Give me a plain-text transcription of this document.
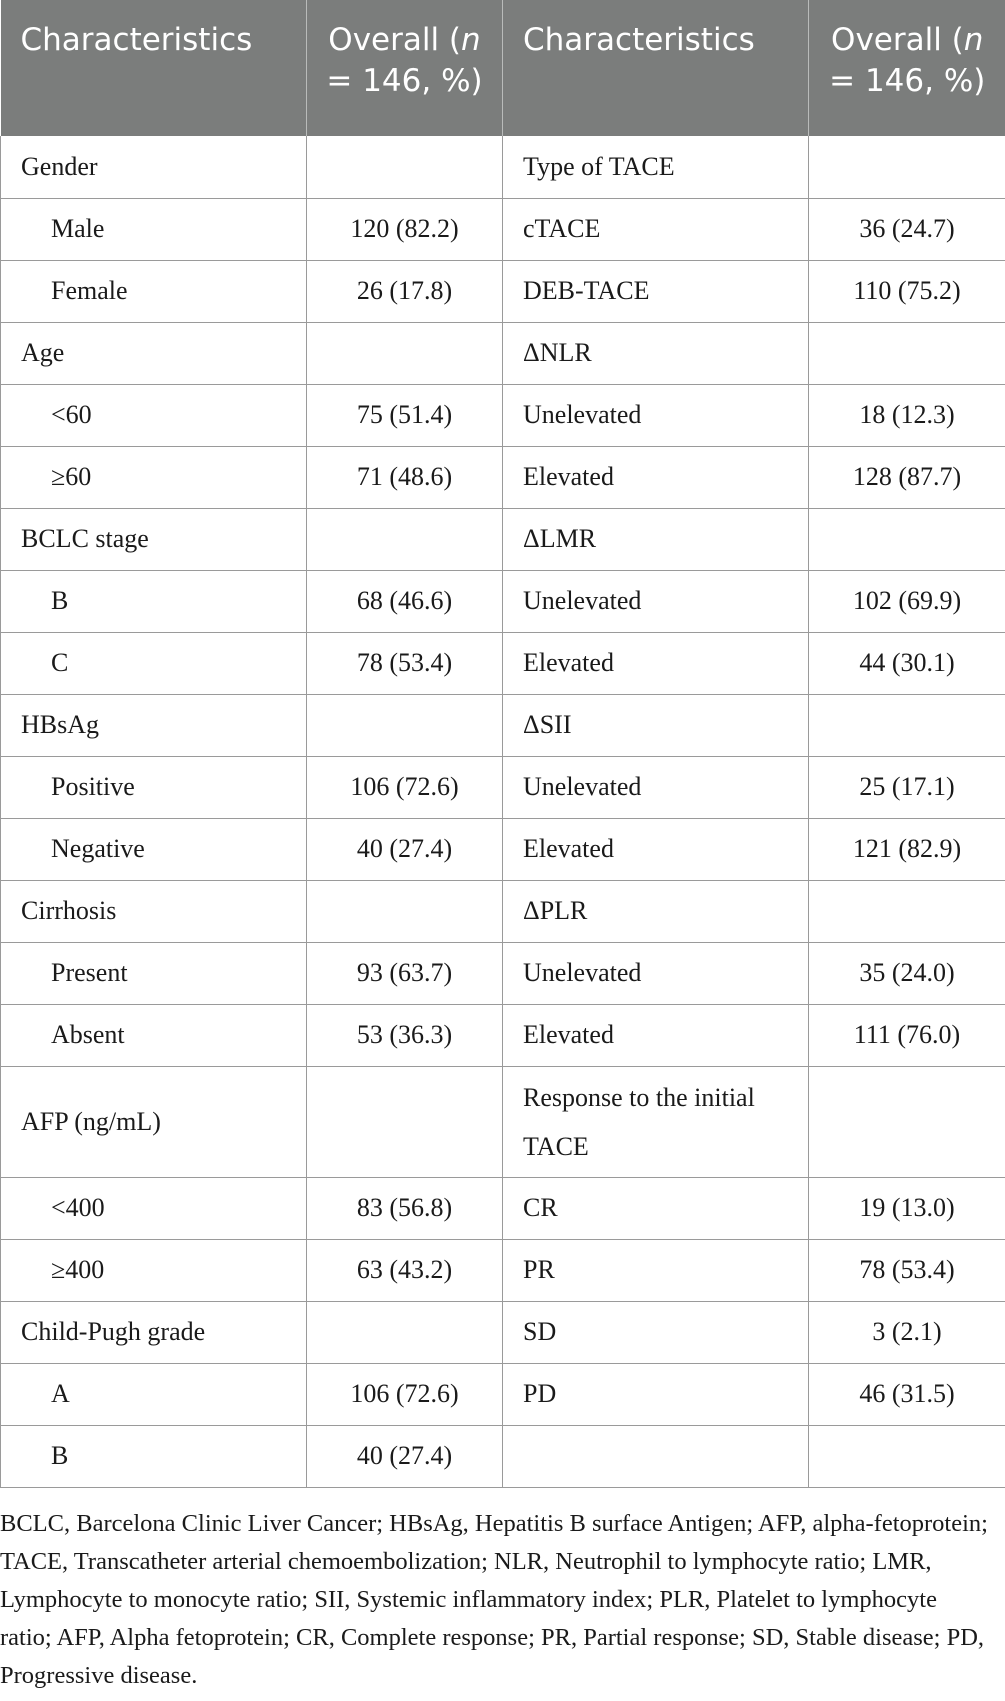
Characteristics	Overall (n = 146, %)	Characteristics	Overall (n = 146, %)
Gender		Type of TACE	
Male	120 (82.2)	cTACE	36 (24.7)
Female	26 (17.8)	DEB-TACE	110 (75.2)
Age		ΔNLR	
<60	75 (51.4)	Unelevated	18 (12.3)
≥60	71 (48.6)	Elevated	128 (87.7)
BCLC stage		ΔLMR	
B	68 (46.6)	Unelevated	102 (69.9)
C	78 (53.4)	Elevated	44 (30.1)
HBsAg		ΔSII	
Positive	106 (72.6)	Unelevated	25 (17.1)
Negative	40 (27.4)	Elevated	121 (82.9)
Cirrhosis		ΔPLR	
Present	93 (63.7)	Unelevated	35 (24.0)
Absent	53 (36.3)	Elevated	111 (76.0)
AFP (ng/mL)		Response to the initial TACE	
<400	83 (56.8)	CR	19 (13.0)
≥400	63 (43.2)	PR	78 (53.4)
Child-Pugh grade		SD	3 (2.1)
A	106 (72.6)	PD	46 (31.5)
B	40 (27.4)		

BCLC, Barcelona Clinic Liver Cancer; HBsAg, Hepatitis B surface Antigen; AFP, alpha-fetoprotein; TACE, Transcatheter arterial chemoembolization; NLR, Neutrophil to lymphocyte ratio; LMR, Lymphocyte to monocyte ratio; SII, Systemic inflammatory index; PLR, Platelet to lymphocyte ratio; AFP, Alpha fetoprotein; CR, Complete response; PR, Partial response; SD, Stable disease; PD, Progressive disease.
